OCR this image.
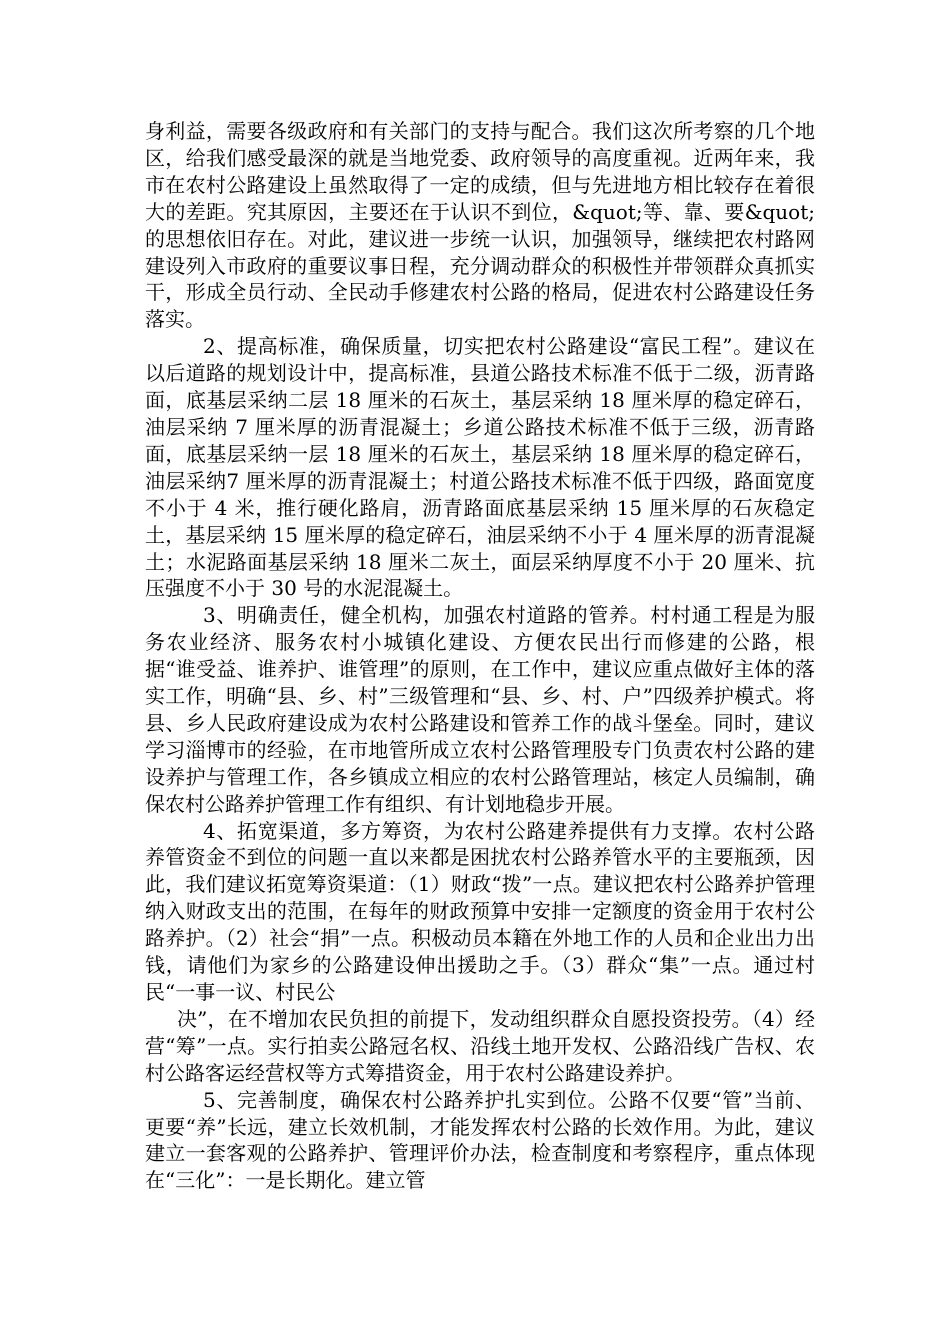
身利益，需要各级政府和有关部门的支持与配合。我们这次所考察的几个地区，给我们感受最深的就是当地党委、政府领导的高度重视。近两年来，我市在农村公路建设上虽然取得了一定的成绩，但与先进地方相比较存在着很大的差距。究其原因，主要还在于认识不到位，&quot;等、靠、要&quot;的思想依旧存在。对此，建议进一步统一认识，加强领导，继续把农村路网建设列入市政府的重要议事日程，充分调动群众的积极性并带领群众真抓实干，形成全员行动、全民动手修建农村公路的格局，促进农村公路建设任务落实。

2、提高标准，确保质量，切实把农村公路建设“富民工程”。建议在以后道路的规划设计中，提高标准，县道公路技术标准不低于二级，沥青路面，底基层采纳二层 18 厘米的石灰土，基层采纳 18 厘米厚的稳定碎石，油层采纳 7 厘米厚的沥青混凝土；乡道公路技术标准不低于三级，沥青路面，底基层采纳一层 18 厘米的石灰土，基层采纳 18 厘米厚的稳定碎石，油层采纳7 厘米厚的沥青混凝土；村道公路技术标准不低于四级，路面宽度不小于 4 米，推行硬化路肩，沥青路面底基层采纳 15 厘米厚的石灰稳定土，基层采纳 15 厘米厚的稳定碎石，油层采纳不小于 4 厘米厚的沥青混凝土；水泥路面基层采纳 18 厘米二灰土，面层采纳厚度不小于 20 厘米、抗压强度不小于 30 号的水泥混凝土。

3、明确责任，健全机构，加强农村道路的管养。村村通工程是为服务农业经济、服务农村小城镇化建设、方便农民出行而修建的公路，根据“谁受益、谁养护、谁管理”的原则，在工作中，建议应重点做好主体的落实工作，明确“县、乡、村”三级管理和“县、乡、村、户”四级养护模式。将县、乡人民政府建设成为农村公路建设和管养工作的战斗堡垒。同时，建议学习淄博市的经验，在市地管所成立农村公路管理股专门负责农村公路的建设养护与管理工作，各乡镇成立相应的农村公路管理站，核定人员编制，确保农村公路养护管理工作有组织、有计划地稳步开展。

4、拓宽渠道，多方筹资，为农村公路建养提供有力支撑。农村公路养管资金不到位的问题一直以来都是困扰农村公路养管水平的主要瓶颈，因此，我们建议拓宽筹资渠道：（1）财政“拨”一点。建议把农村公路养护管理纳入财政支出的范围，在每年的财政预算中安排一定额度的资金用于农村公路养护。（2）社会“捐”一点。积极动员本籍在外地工作的人员和企业出力出钱，请他们为家乡的公路建设伸出援助之手。（3）群众“集”一点。通过村民“一事一议、村民公

决”，在不增加农民负担的前提下，发动组织群众自愿投资投劳。（4）经营“筹”一点。实行拍卖公路冠名权、沿线土地开发权、公路沿线广告权、农村公路客运经营权等方式筹措资金，用于农村公路建设养护。

5、完善制度，确保农村公路养护扎实到位。公路不仅要“管”当前、更要“养”长远，建立长效机制，才能发挥农村公路的长效作用。为此，建议建立一套客观的公路养护、管理评价办法，检查制度和考察程序，重点体现在“三化”：一是长期化。建立管
